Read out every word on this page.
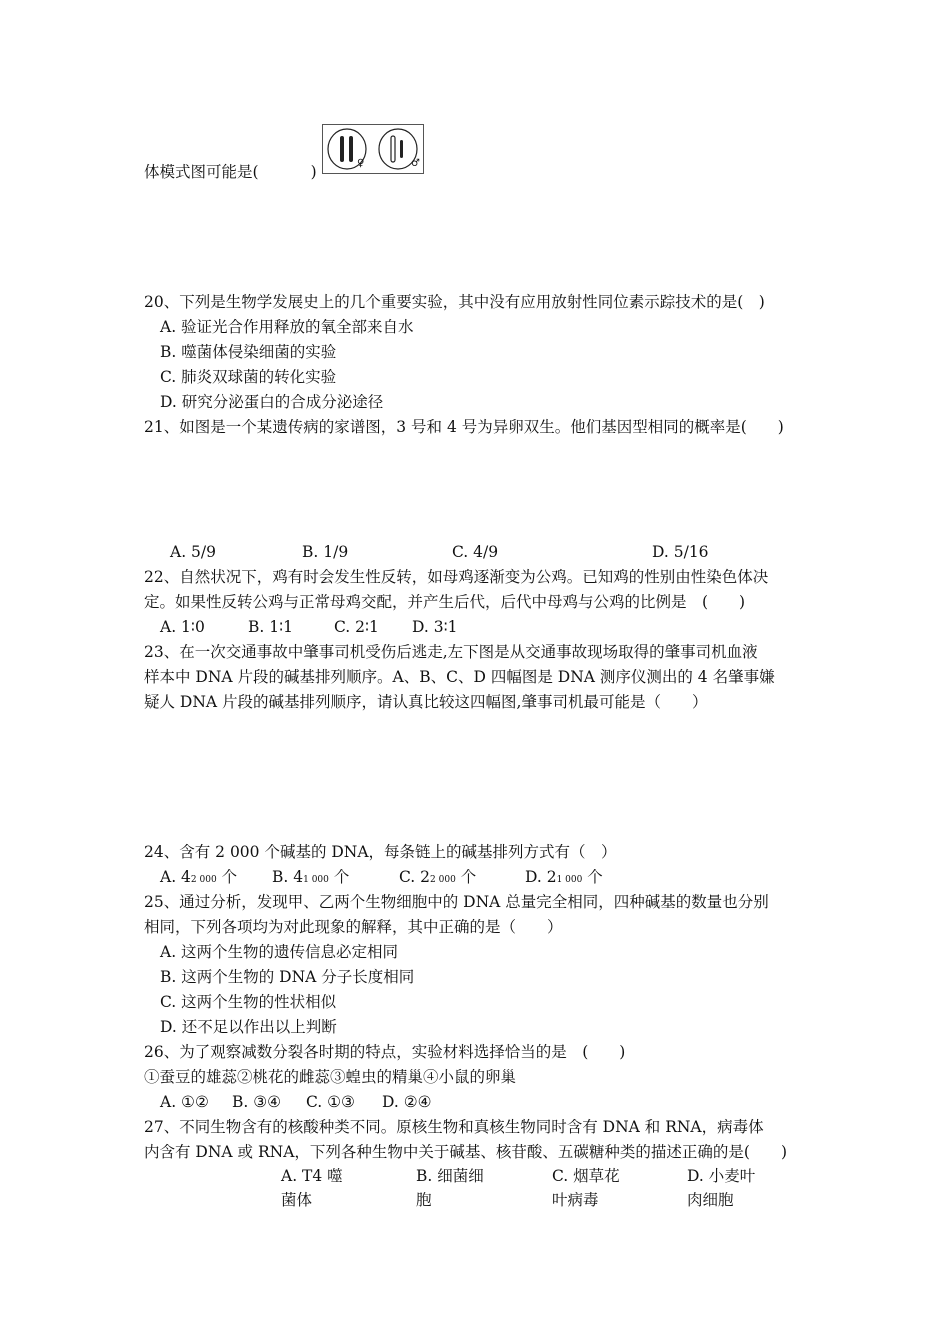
体模式图可能是(	)	♀	♂
20、下列是生物学发展史上的几个重要实验，其中没有应用放射性同位素示踪技术的是(　)
A. 验证光合作用释放的氧全部来自水
B. 噬菌体侵染细菌的实验
C. 肺炎双球菌的转化实验
D. 研究分泌蛋白的合成分泌途径
21、如图是一个某遗传病的家谱图，3 号和 4 号为异卵双生。他们基因型相同的概率是(　　)
A. 5/9	B. 1/9	C. 4/9	D. 5/16
22、自然状况下，鸡有时会发生性反转，如母鸡逐渐变为公鸡。已知鸡的性别由性染色体决
定。如果性反转公鸡与正常母鸡交配，并产生后代，后代中母鸡与公鸡的比例是　(　　)
A. 1∶0	B. 1∶1	C. 2∶1 D. 3∶1
23、在一次交通事故中肇事司机受伤后逃走,左下图是从交通事故现场取得的肇事司机血液
样本中 DNA 片段的碱基排列顺序。A、B、C、D 四幅图是 DNA 测序仪测出的 4 名肇事嫌
疑人 DNA 片段的碱基排列顺序，请认真比较这四幅图,肇事司机最可能是（　　）
24、含有 2 000 个碱基的 DNA，每条链上的碱基排列方式有（　）
A. 42 000 个 B. 41 000 个	C. 22 000 个	D. 21 000 个
25、通过分析，发现甲、乙两个生物细胞中的 DNA 总量完全相同，四种碱基的数量也分别
相同，下列各项均为对此现象的解释，其中正确的是（　　）
A. 这两个生物的遗传信息必定相同
B. 这两个生物的 DNA 分子长度相同
C. 这两个生物的性状相似
D. 还不足以作出以上判断
26、为了观察减数分裂各时期的特点，实验材料选择恰当的是　(　　)
①蚕豆的雄蕊②桃花的雌蕊③蝗虫的精巢④小鼠的卵巢
A. ①② B. ③④ C. ①③ D. ②④
27、不同生物含有的核酸种类不同。原核生物和真核生物同时含有 DNA 和 RNA，病毒体
内含有 DNA 或 RNA，下列各种生物中关于碱基、核苷酸、五碳糖种类的描述正确的是(　　)
A. T4 噬	B. 细菌细	C. 烟草花	D. 小麦叶
菌体	胞	叶病毒	肉细胞
